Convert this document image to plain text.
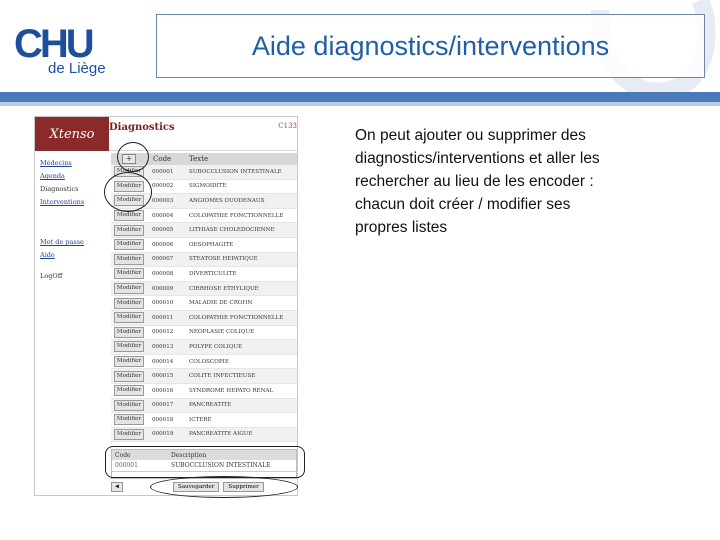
CHU
de Liège
Aide diagnostics/interventions
Xtenso
Médecins
Agenda
Diagnostics
Interventions
Mot de passe
Aide
LogOff
Diagnostics	C133
+	Code	Texte
Modifier	000001	SUBOCCLUSION INTESTINALE
Modifier	000002	SIGMOIDITE
Modifier	000003	ANGIOMES DUODENAUX
Modifier	000004	COLOPATHIE FONCTIONNELLE
Modifier	000005	LITHIASE CHOLEDOCIENNE
Modifier	000006	OESOPHAGITE
Modifier	000007	STEATOSE HEPATIQUE
Modifier	000008	DIVERTICULITE
Modifier	000009	CIRRHOSE ETHYLIQUE
Modifier	000010	MALADIE DE CROHN
Modifier	000011	COLOPATHIE FONCTIONNELLE
Modifier	000012	NEOPLASIE COLIQUE
Modifier	000013	POLYPE COLIQUE
Modifier	000014	COLOSCOPIE
Modifier	000015	COLITE INFECTIEUSE
Modifier	000016	SYNDROME HEPATO RENAL
Modifier	000017	PANCREATITE
Modifier	000018	ICTERE
Modifier	000019	PANCREATITE AIGUE
Code	Description
000001	SUBOCCLUSION INTESTINALE
◄	Sauvegarder	Supprimer
On peut ajouter ou supprimer des diagnostics/interventions et aller les rechercher au lieu de les encoder : chacun doit créer / modifier ses propres listes
